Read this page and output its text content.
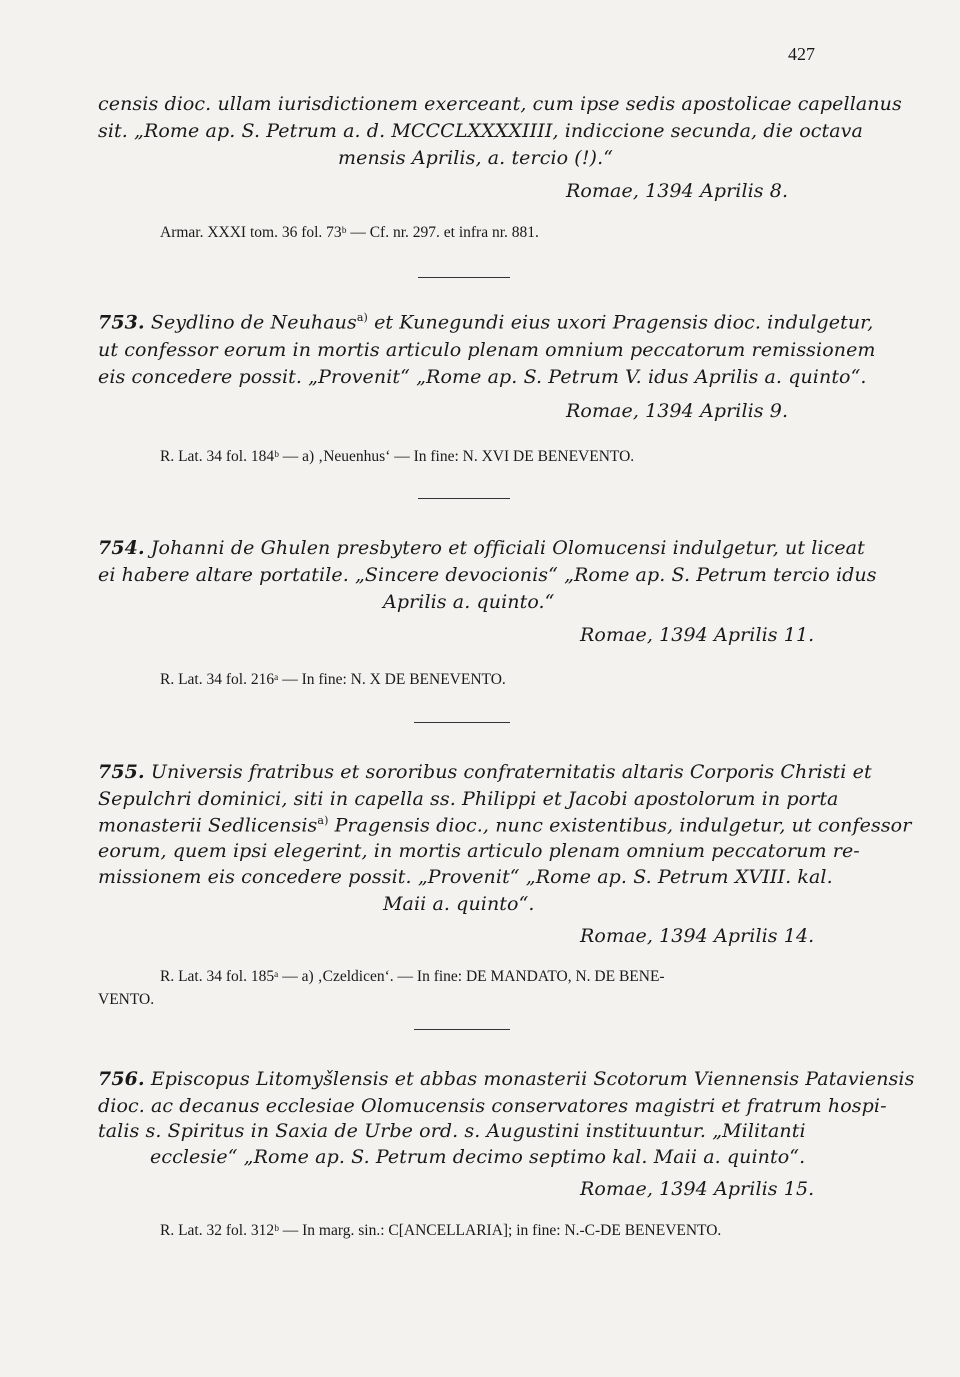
427
censis dioc. ullam iurisdictionem exerceant, cum ipse sedis apostolicae capellanus
sit. „Rome ap. S. Petrum a. d. MCCCLXXXXIIII, indiccione secunda, die octava
mensis Aprilis, a. tercio (!).“
Romae, 1394 Aprilis 8.
Armar. XXXI tom. 36 fol. 73ᵇ — Cf. nr. 297. et infra nr. 881.
753. Seydlino de Neuhaus$^{a)}$ et Kunegundi eius uxori Pragensis dioc. indulgetur,
ut confessor eorum in mortis articulo plenam omnium peccatorum remissionem
eis concedere possit. „Provenit“ „Rome ap. S. Petrum V. idus Aprilis a. quinto“.
Romae, 1394 Aprilis 9.
R. Lat. 34 fol. 184ᵇ — a) ‚Neuenhus‘ — In fine: N. XVI DE BENEVENTO.
754. Johanni de Ghulen presbytero et officiali Olomucensi indulgetur, ut liceat
ei habere altare portatile. „Sincere devocionis“ „Rome ap. S. Petrum tercio idus
Aprilis a. quinto.“
Romae, 1394 Aprilis 11.
R. Lat. 34 fol. 216ᵃ — In fine: N. X DE BENEVENTO.
755. Universis fratribus et sororibus confraternitatis altaris Corporis Christi et
Sepulchri dominici, siti in capella ss. Philippi et Jacobi apostolorum in porta
monasterii Sedlicensis$^{a)}$ Pragensis dioc., nunc existentibus, indulgetur, ut confessor
eorum, quem ipsi elegerint, in mortis articulo plenam omnium peccatorum re-
missionem eis concedere possit. „Provenit“ „Rome ap. S. Petrum XVIII. kal.
Maii a. quinto“.
Romae, 1394 Aprilis 14.
R. Lat. 34 fol. 185ᵃ — a) ‚Czeldicen‘. — In fine: DE MANDATO, N. DE BENE-
VENTO.
756. Episcopus Litomyšlensis et abbas monasterii Scotorum Viennensis Pataviensis
dioc. ac decanus ecclesiae Olomucensis conservatores magistri et fratrum hospi-
talis s. Spiritus in Saxia de Urbe ord. s. Augustini instituuntur. „Militanti
ecclesie“ „Rome ap. S. Petrum decimo septimo kal. Maii a. quinto“.
Romae, 1394 Aprilis 15.
R. Lat. 32 fol. 312ᵇ — In marg. sin.: C[ANCELLARIA]; in fine: N.-C-DE BENEVENTO.
